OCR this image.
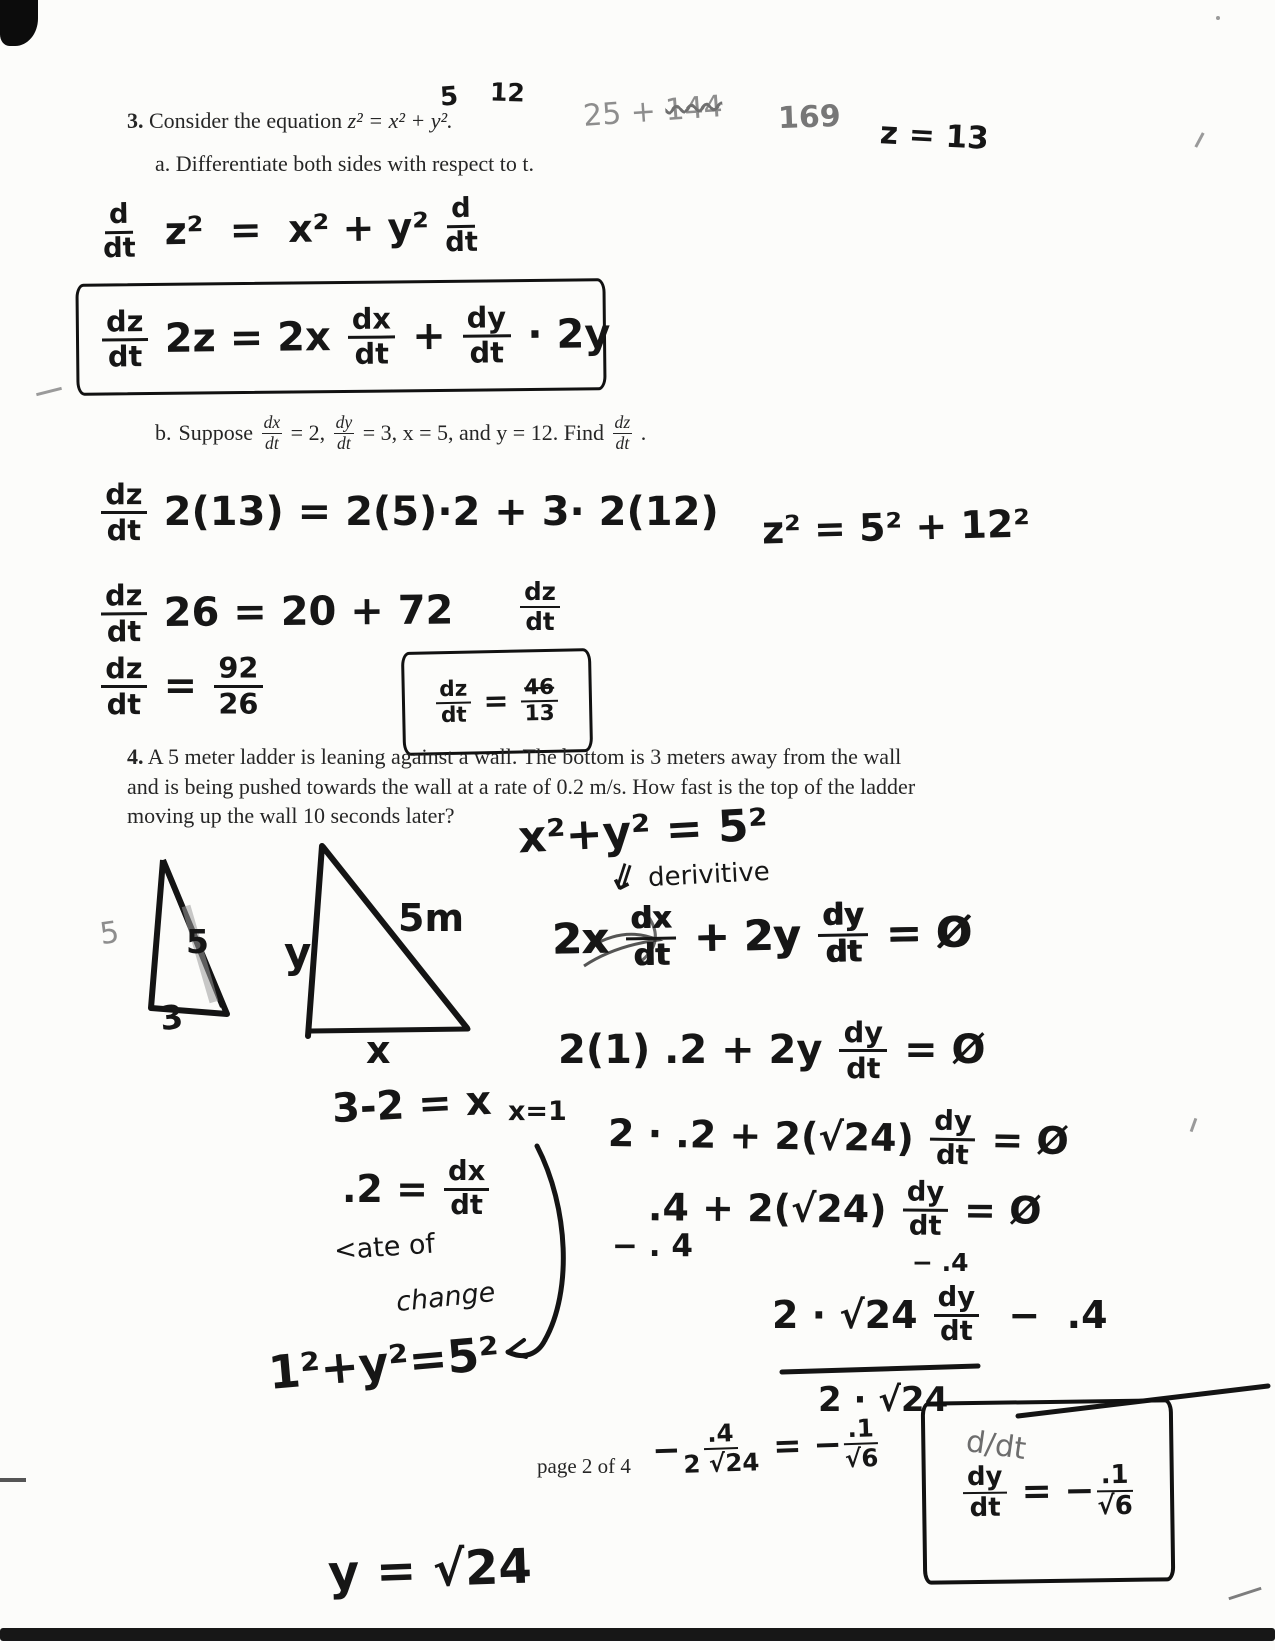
3. Consider the equation z² = x² + y².
5 12
25 + 144 169 z = 13
a. Differentiate both sides with respect to t.
$\frac{d}{dt} z^2 = x^2 + y^2 \frac{d}{dt}$
$\frac{dz}{dt} 2z = 2x \frac{dx}{dt} + \frac{dy}{dt} \cdot 2y$
b. Suppose $\frac{dx}{dt} = 2$, $\frac{dy}{dt} = 3$, x = 5, and y = 12. Find $\frac{dz}{dt}$ .
$\frac{dz}{dt} 2(13) = 2(5)\cdot 2 + 3\cdot 2(12) z^2 = 5^2 + 12^2$
$\frac{dz}{dt} 26 = 20 + 72$	$\frac{dz}{dt}$
$\frac{dz}{dt} = \frac{92}{26}$	$\frac{dz}{dt} = \frac{46}{13}$
4. A 5 meter ladder is leaning against a wall. The bottom is 3 meters away from the wall
and is being pushed towards the wall at a rate of 0.2 m/s. How fast is the top of the ladder
moving up the wall 10 seconds later?
5 5
3
y
5m
x
x²+y² = 5²
⇓ derivitive
$2x \frac{dx}{dt} + 2y \frac{dy}{dt}$ = Ø
2(1) $.2 + 2y \frac{dy}{dt}$ = Ø
3-2 = x x=1 $2 \cdot .2 + 2(√24) \frac{dy}{dt}$ = Ø
$.2 = \frac{dx}{dt}$
<ate of
change
$.4 + 2(√24) \frac{dy}{dt}$ = Ø
− . 4	− .4
$2 \cdot √24 \frac{dy}{dt} - .4$
2 · √24
1²+y²=5²
− $\frac{.4}{2 √24}$ = − $\frac{.1}{√6}$	d/dt
$\frac{dy}{dt}$ = − $\frac{.1}{√6}$
y = √24
page 2 of 4
